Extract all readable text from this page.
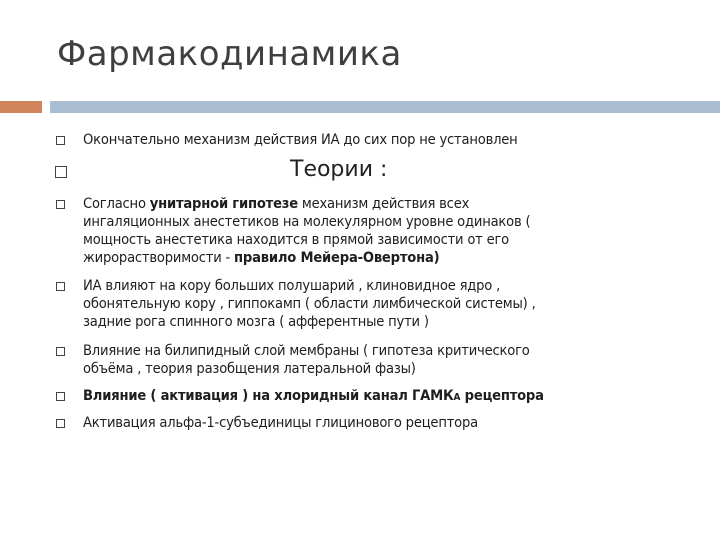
Фармакодинамика
Окончательно механизм действия ИА до сих пор не установлен
Теории :
Согласно унитарной гипотезе механизм действия всех
ингаляционных анестетиков на молекулярном уровне одинаков (
мощность анестетика находится в прямой зависимости от его
жирорастворимости - правило Мейера-Овертона)
ИА влияют на кору больших полушарий , клиновидное ядро ,
обонятельную кору , гиппокамп ( области лимбической системы) ,
задние рога спинного мозга ( афферентные пути )
Влияние на билипидный слой мембраны ( гипотеза критического
объёма , теория разобщения латеральной фазы)
Влияние ( активация ) на хлоридный канал ГАМКА рецептора
Активация альфа-1-субъединицы глицинового рецептора
